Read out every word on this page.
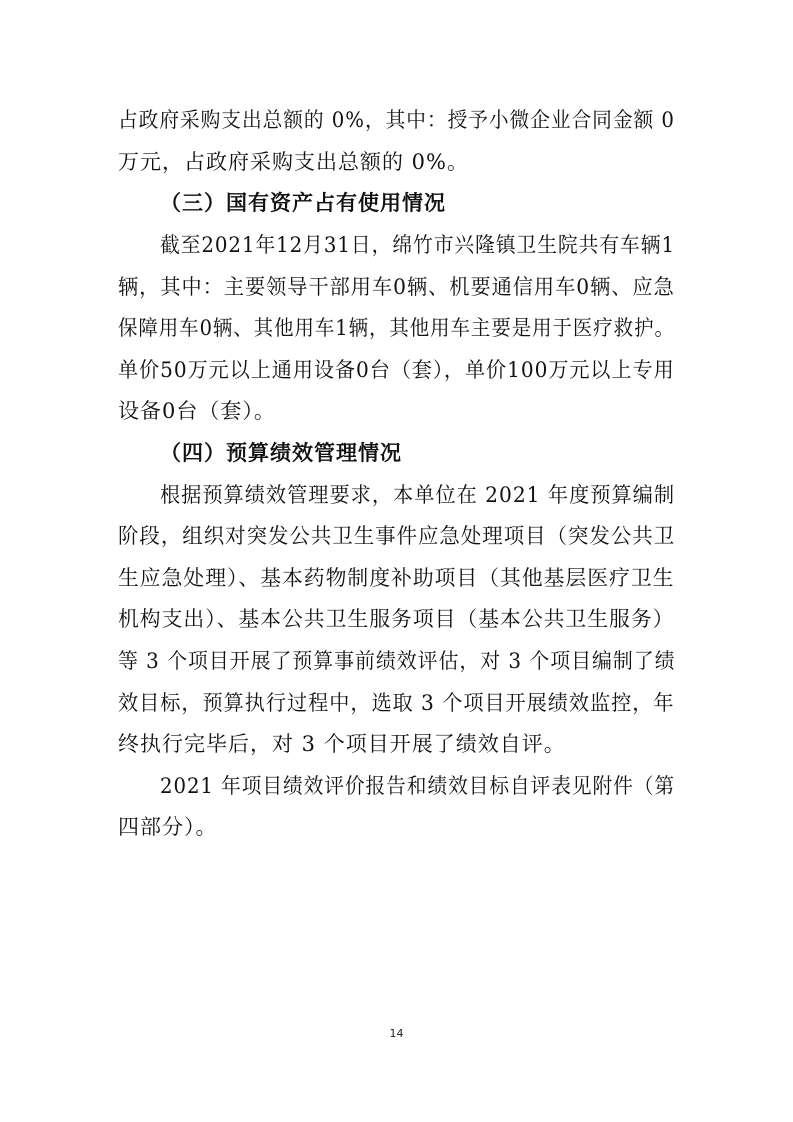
占政府采购支出总额的 0%，其中：授予小微企业合同金额 0
万元，占政府采购支出总额的 0%。
（三）国有资产占有使用情况
截至2021年12月31日，绵竹市兴隆镇卫生院共有车辆1
辆，其中：主要领导干部用车0辆、机要通信用车0辆、应急
保障用车0辆、其他用车1辆，其他用车主要是用于医疗救护。
单价50万元以上通用设备0台（套），单价100万元以上专用
设备0台（套）。
（四）预算绩效管理情况
根据预算绩效管理要求，本单位在 2021 年度预算编制
阶段，组织对突发公共卫生事件应急处理项目（突发公共卫
生应急处理）、基本药物制度补助项目（其他基层医疗卫生
机构支出）、基本公共卫生服务项目（基本公共卫生服务）
等 3 个项目开展了预算事前绩效评估，对 3 个项目编制了绩
效目标，预算执行过程中，选取 3 个项目开展绩效监控，年
终执行完毕后，对 3 个项目开展了绩效自评。
2021 年项目绩效评价报告和绩效目标自评表见附件（第
四部分）。
14
